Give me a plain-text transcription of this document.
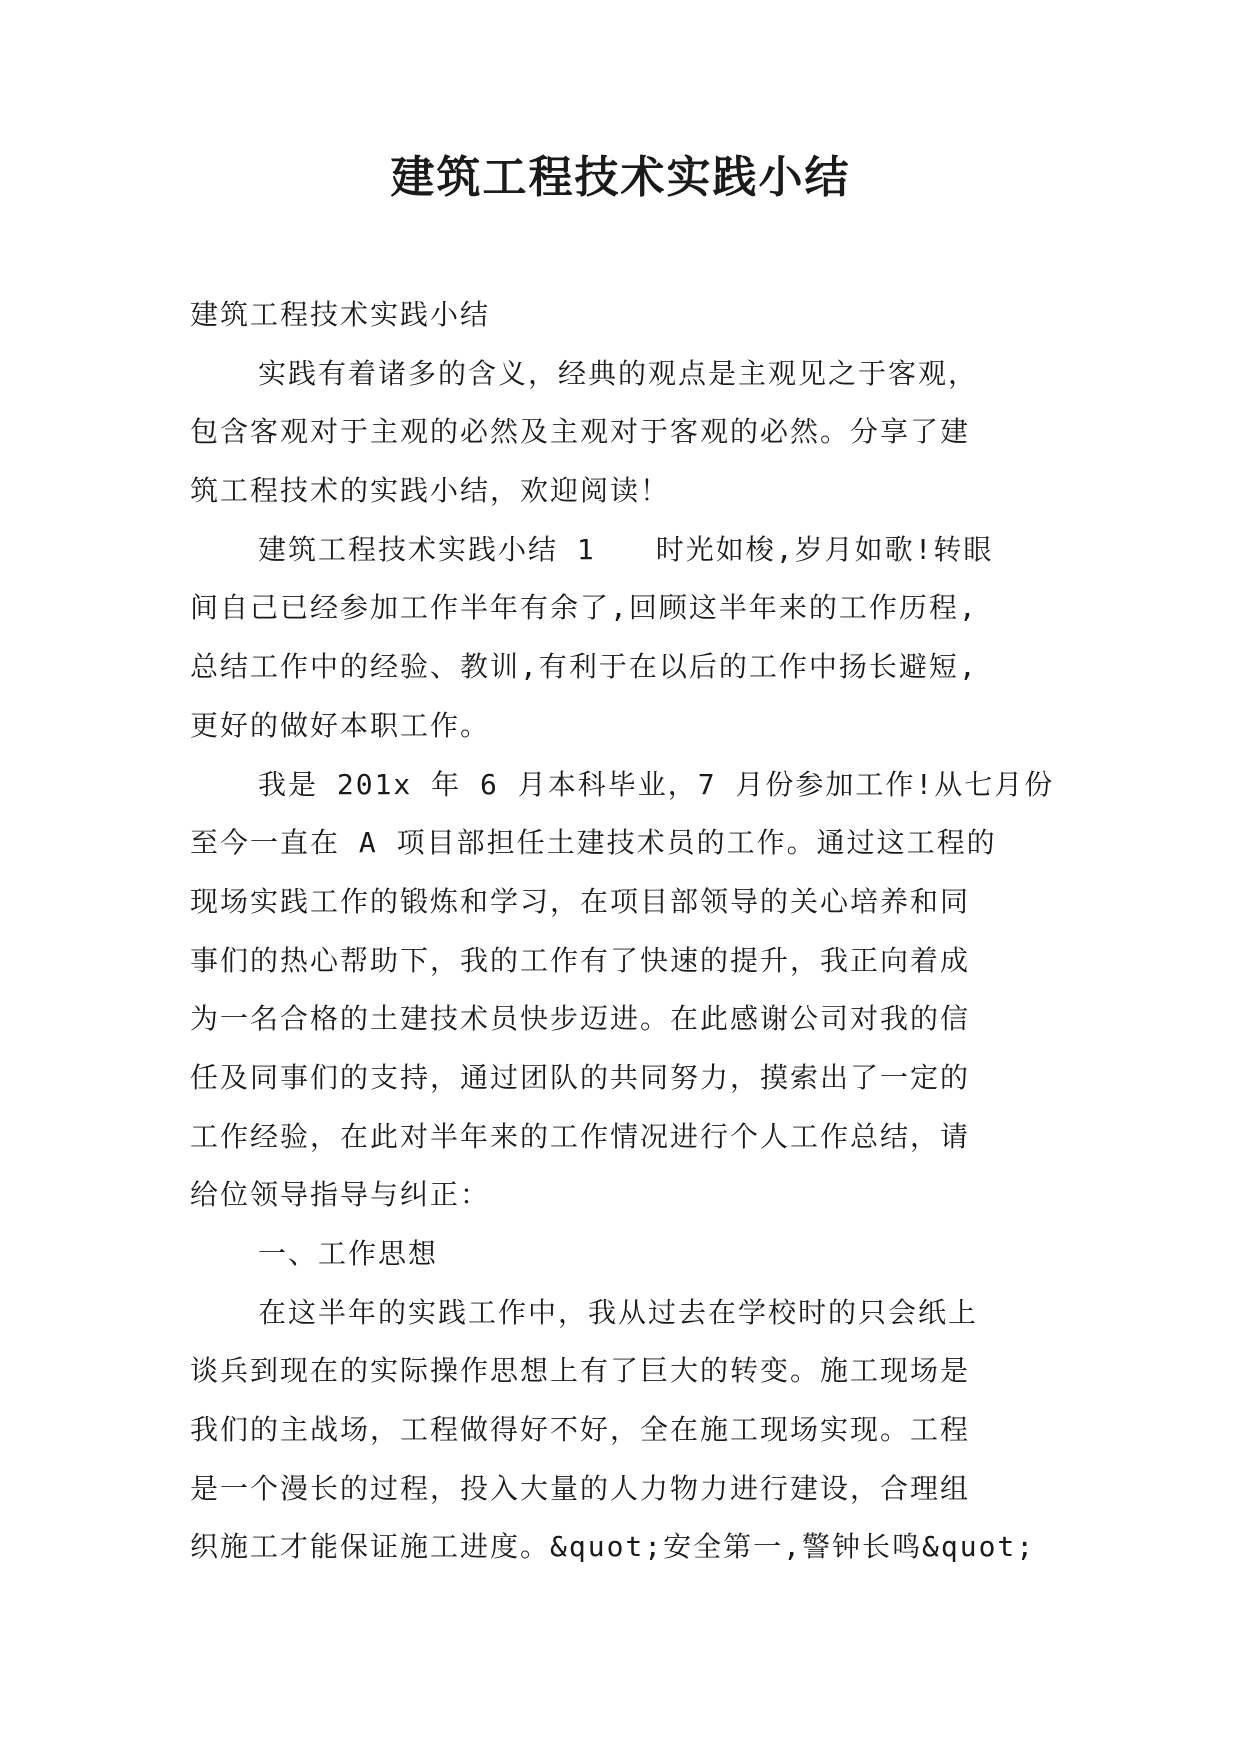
建筑工程技术实践小结
建筑工程技术实践小结
实践有着诸多的含义，经典的观点是主观见之于客观，
包含客观对于主观的必然及主观对于客观的必然。分享了建
筑工程技术的实践小结，欢迎阅读！
建筑工程技术实践小结 1　　时光如梭,岁月如歌!转眼
间自己已经参加工作半年有余了,回顾这半年来的工作历程,
总结工作中的经验、教训,有利于在以后的工作中扬长避短,
更好的做好本职工作。
我是 201x 年 6 月本科毕业，7 月份参加工作!从七月份
至今一直在 A 项目部担任土建技术员的工作。通过这工程的
现场实践工作的锻炼和学习，在项目部领导的关心培养和同
事们的热心帮助下，我的工作有了快速的提升，我正向着成
为一名合格的土建技术员快步迈进。在此感谢公司对我的信
任及同事们的支持，通过团队的共同努力，摸索出了一定的
工作经验，在此对半年来的工作情况进行个人工作总结，请
给位领导指导与纠正：
一、工作思想
在这半年的实践工作中，我从过去在学校时的只会纸上
谈兵到现在的实际操作思想上有了巨大的转变。施工现场是
我们的主战场，工程做得好不好，全在施工现场实现。工程
是一个漫长的过程，投入大量的人力物力进行建设，合理组
织施工才能保证施工进度。&quot;安全第一,警钟长鸣&quot;
